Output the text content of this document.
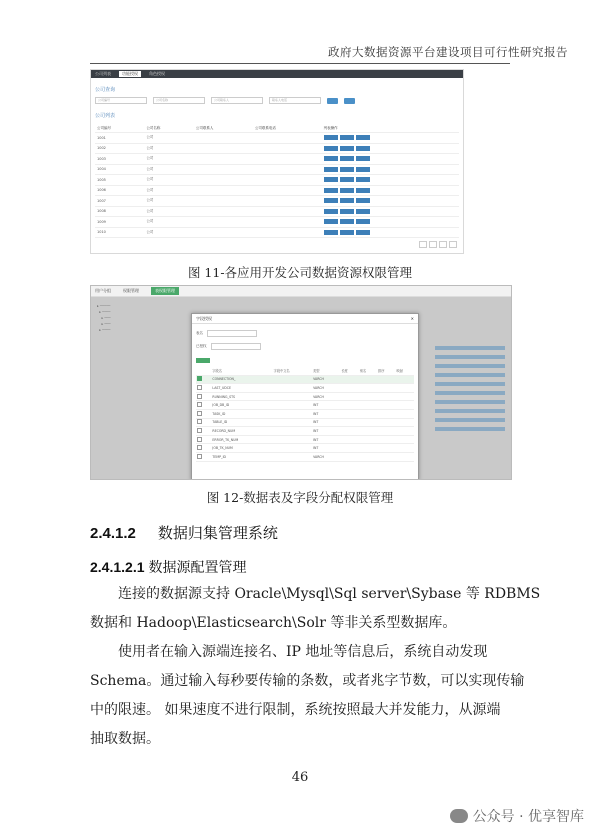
政府大数据资源平台建设项目可行性研究报告
公司列表	功能授权	角色授权
公司查询
公司编号	公司名称	公司联系人	联系人电话
公司列表
公司编号	公司名称	公司联系人	公司联系电话	列表操作
1001	公司			

1002	公司			

1003	公司			

1004	公司			

1005	公司			

1006	公司			

1007	公司			

1008	公司			

1009	公司			

1010	公司			
图 11-各应用开发公司数据资源权限管理
用户分组	权限管理	表权限管理
▸ ─────
▸ ────
▸ ───
▸ ───
▸ ────
字段授权	✕
表名
已授权
	字段名	字段中文名	类型	长度	别名	排序	映射
	CONNECTION_		VARCH				
	LAST_UDCE		VARCH				
	RUNNING_STS		VARCH				
	JOB_DB_ID		INT				
	TASK_ID		INT				
	TABLE_ID		INT				
	RECORD_NUM		INT				
	ERROR_TK_NUM		INT				
	JOB_TK_NUM		INT				
	TEMP_ID		VARCH				
图 12-数据表及字段分配权限管理
2.4.1.2 数据归集管理系统
2.4.1.2.1 数据源配置管理
连接的数据源支持 Oracle\Mysql\Sql server\Sybase 等 RDBMS
数据和 Hadoop\Elasticsearch\Solr 等非关系型数据库。
使用者在输入源端连接名、IP 地址等信息后，系统自动发现
Schema。通过输入每秒要传输的条数，或者兆字节数，可以实现传输
中的限速。 如果速度不进行限制，系统按照最大并发能力，从源端
抽取数据。
46
公众号 · 优享智库
